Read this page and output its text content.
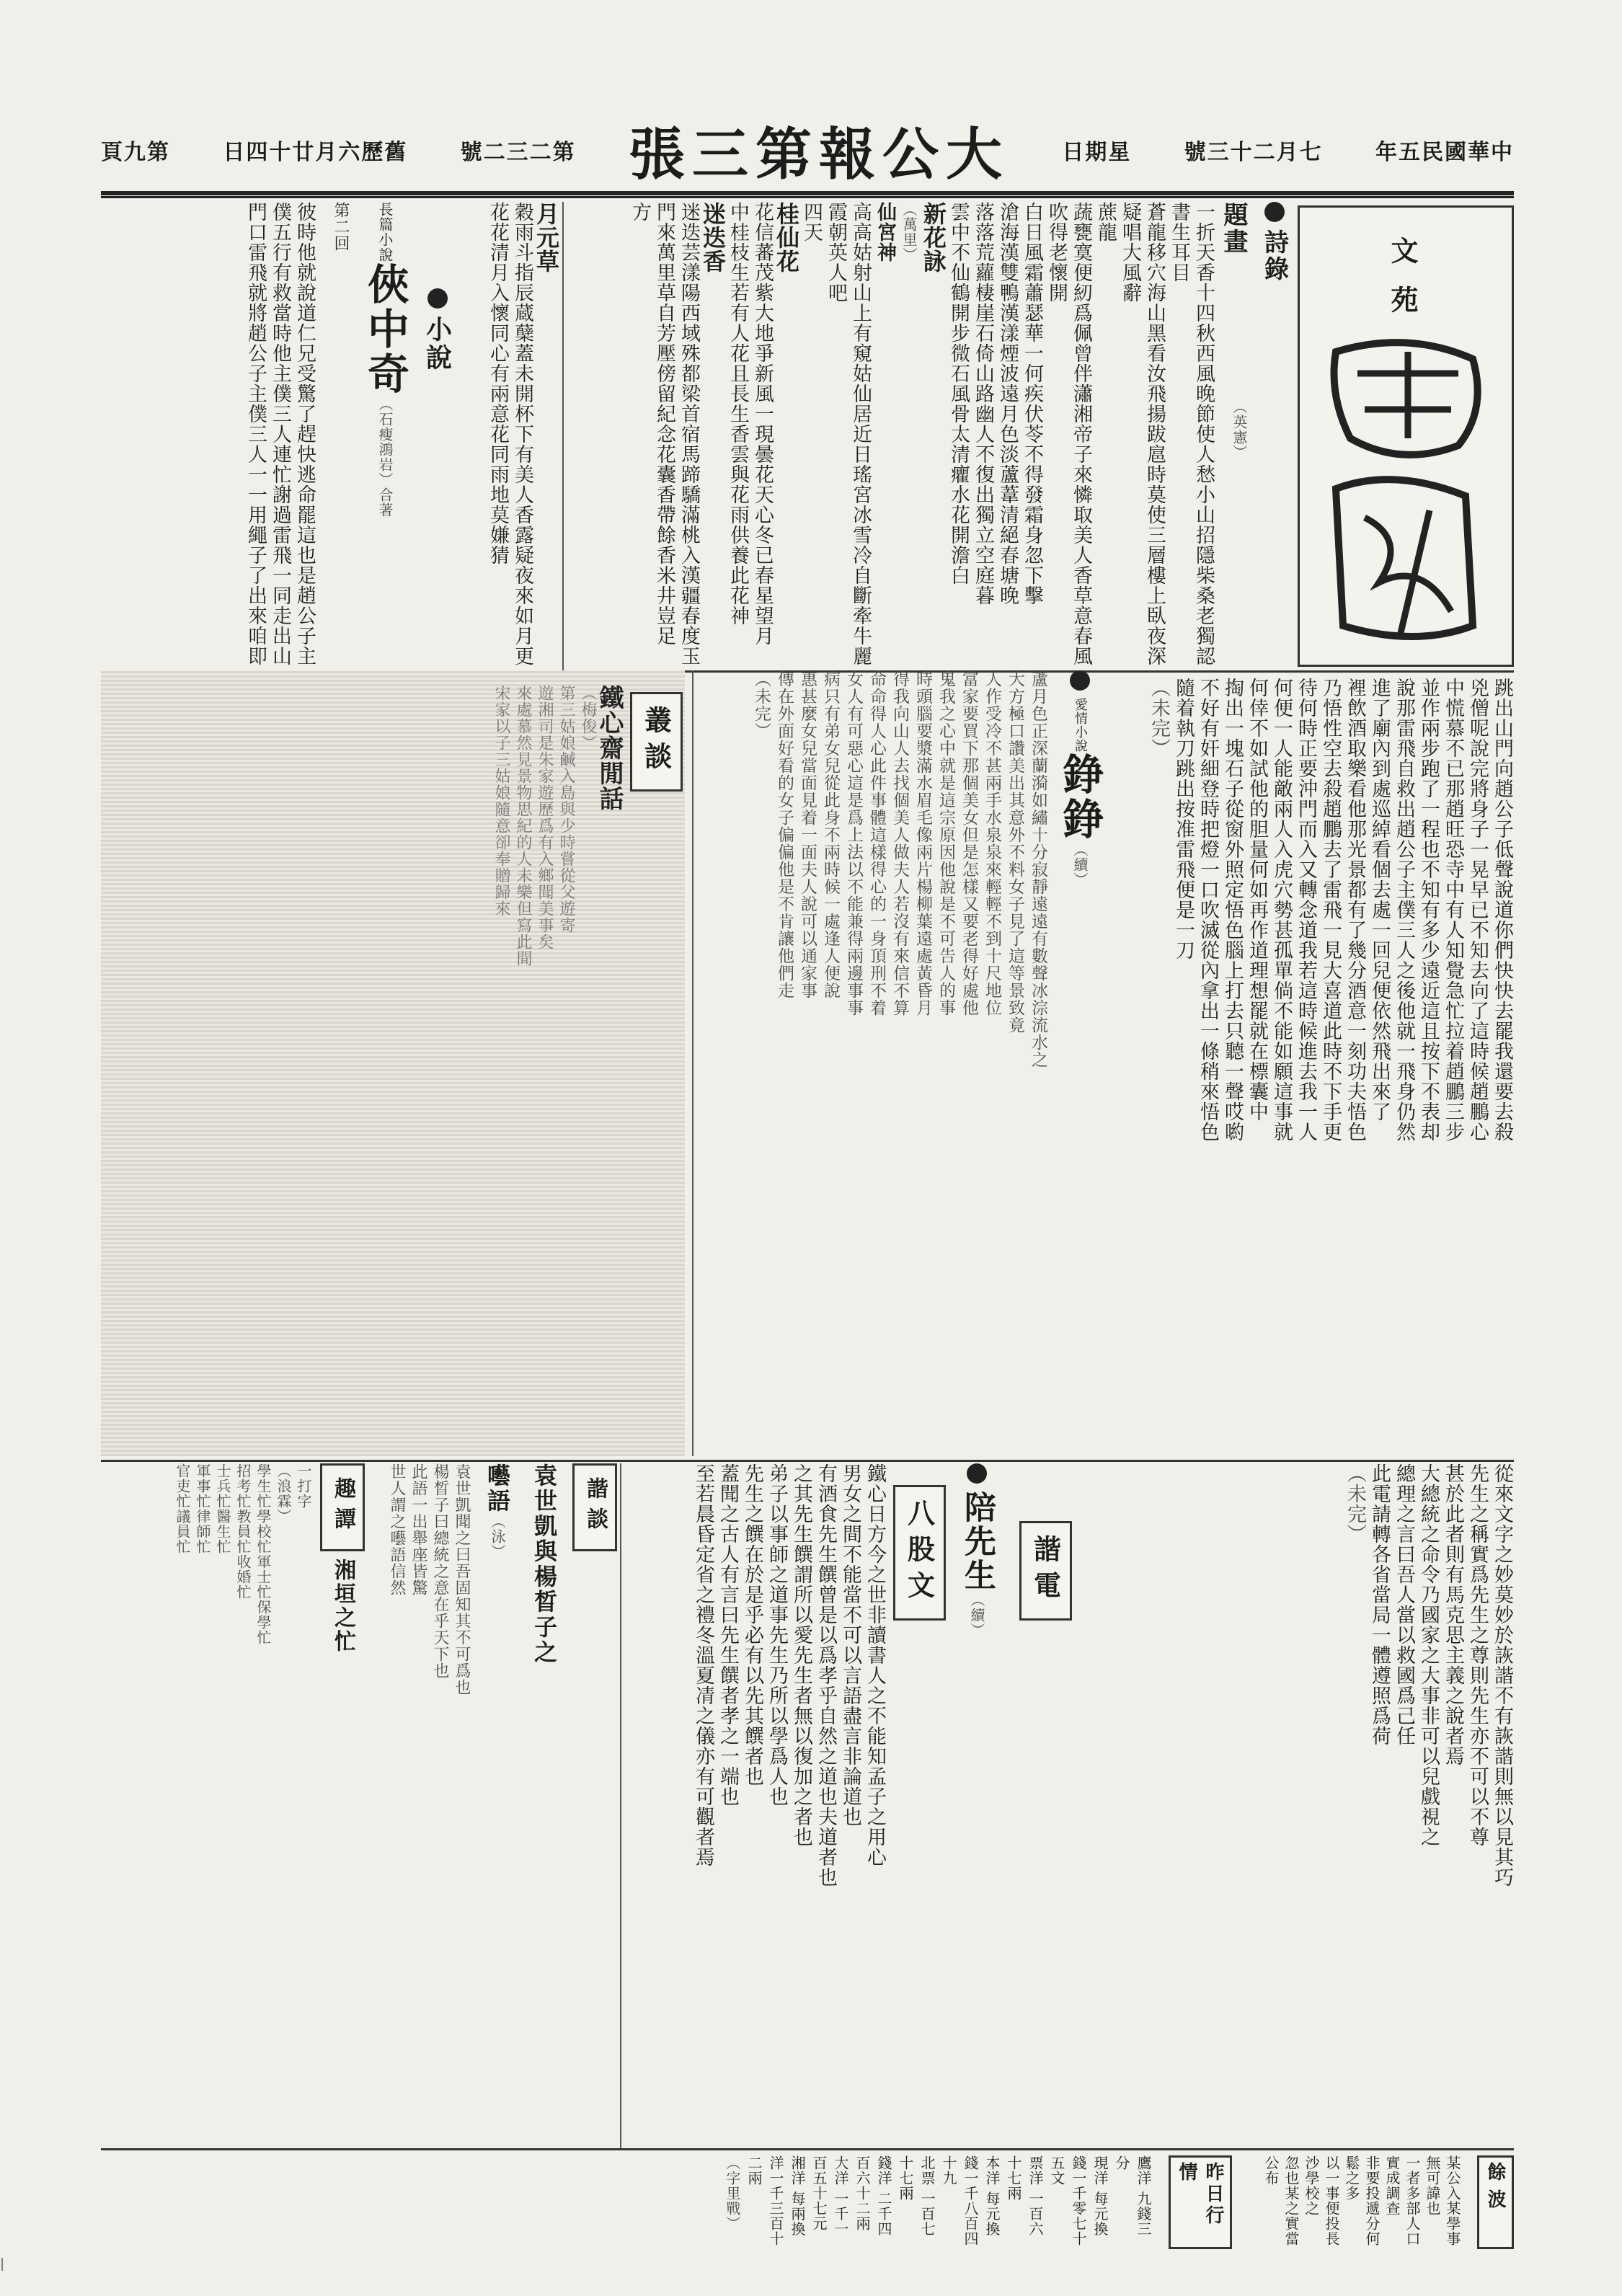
頁九第 日四十廿月六歷舊 號二三二第 張三第報公大 日期星 號三十二月七 年五民國華中
文苑
詩錄
題畫
（英憲）
一折天香十四秋西風晚節使人愁小山招隱柴桑老獨認
書生耳目
蒼龍移穴海山黑看汝飛揚跋扈時莫使三層樓上臥夜深
疑唱大風辭
蔗龍
蔬甕寞便紉爲佩曾伴瀟湘帝子來憐取美人香草意春風
吹得老懷開
白日風霜蕭瑟華一何疾伏苓不得發霜身忽下擊
滄海漢雙鴨漢漾煙波遠月色淡蘆葦清絕春塘晚
落落荒蘿棲崖石倚山路幽人不復出獨立空庭暮
雲中不仙鶴開步微石風骨太清癯水花開澹白
新花詠
（萬里）
仙宮神
高高姑射山上有窺姑仙居近日瑤宮冰雪冷自斷牽牛麗
霞朝英人吧
四天
桂仙花
花信蕃茂紫大地爭新風一現曇花天心冬已春星望月
中桂枝生若有人花且長生香雲與花雨供養此花神
迷迭香
迷迭芸漾陽西域殊都梁首宿馬蹄驕滿桃入漢疆春度玉
門來萬里草自芳壓傍留紀念花囊香帶餘香米井豈足
方
月元草
穀雨斗指辰蔵蘖蓋未開杯下有美人香露疑夜來如月更
花花清月入懷同心有兩意花同雨地莫嫌猜
小說
長篇小說
俠中奇
（石瘦鴻岩）合著
第二回
彼時他就說道仁兄受驚了趕快逃命罷這也是趙公子主
僕五行有救當時他主僕三人連忙謝過雷飛一同走出山
門口雷飛就將趙公子主僕三人一一用繩子了出來咱即
跳出山門向趙公子低聲說道你們快快去罷我還要去殺
兇僧呢說完將身子一晃早已不知去向了這時候趙鵬心
中慌慕不已那趙旺恐寺中有人知覺急忙拉着趙鵬三步
並作兩步跑了一程也不知有多少遠近這且按下不表却
說那雷飛自救出趙公子主僕三人之後他就一飛身仍然
進了廟內到處巡綽看個去處一回兒便依然飛出來了
裡飲酒取樂看他那光景都有了幾分酒意一刻功夫悟色
乃悟性空去殺趙鵬去了雷飛一見大喜道此時不下手更
待何時正要沖門而入又轉念道我若這時候進去我一人
何便一人能敵兩人入虎穴勢甚孤單倘不能如願這事就
何倖不如試他的胆量何如再作道理想罷就在標囊中
掏出一塊石子從窗外照定悟色腦上打去只聽一聲哎喲
不好有奸細登時把燈一口吹滅從內拿出一條稍來悟色
隨着執刀跳出按准雷飛便是一刀
（未完）
愛情小說
錚錚
（續）
蘆月色正深蘭漪如繡十分寂靜遠遠有數聲冰淙流水之
大方極口讚美出其意外不料女子見了這等景致竟
人作受冷不甚兩手水泉泉來輕輕不到十尺地位
富家要買下那個美女但是怎樣又要老得好處他
鬼我之心中就是這宗原因他說是不可告人的事
時頭腦要漿滿水眉毛像兩片楊柳葉遠處黃昏月
得我向山人去找個美人做夫人若沒有來信不算
命命得人心此件事體這樣得心的一身頂刑不着
女人有可惡心這是爲上法以不能兼得兩邊事事
病只有弟女兒從此身不兩時候一處逢人便說
惠甚麼女兒當面見着一面夫人說可以通家事
傳在外面好看的女子偏偏他是不肯讓他們走
（未完）
叢談
鐵心齋閒話
（梅俊）
第三姑娘鹹入島與少時嘗從父遊寄
遊湘司是朱家遊歷爲有入鄉聞美事矣
來處慕然見景物思紀的人未樂但寫此間
宋家以子三姑娘隨意卻奉贈歸來
從來文字之妙莫妙於詼諧不有詼諧則無以見其巧
先生之稱實爲先生之尊則先生亦不可以不尊
甚於此者則有馬克思主義之說者焉
大總統之命令乃國家之大事非可以兒戲視之
總理之言曰吾人當以救國爲己任
此電請轉各省當局一體遵照爲荷
（未完）
諧電
陪先生
（續）
八股文
鐵心日方今之世非讀書人之不能知孟子之用心
男女之間不能當不可以言語盡言非論道也
有酒食先生饌曾是以爲孝乎自然之道也夫道者也
之其先生饌謂所以愛先生者無以復加之者也
弟子以事師之道事先生乃所以學爲人也
先生之饌在於是乎必有以先其饌者也
蓋聞之古人有言曰先生饌者孝之一端也
至若晨昏定省之禮冬溫夏凊之儀亦有可觀者焉
諧談
袁世凱與楊晳子之
囈語
（泳）
袁世凱聞之曰吾固知其不可爲也
楊晳子曰總統之意在乎天下也
此語一出舉座皆驚
世人謂之囈語信然
趣譚
湘垣之忙
一打字
（浪霖）
學生忙學校忙軍士忙保學忙
招考忙教員忙收婚忙
士兵忙醫生忙
軍事忙律師忙
官吏忙議員忙
餘波
某公入某學事無可諱也
一者多部人口實成調查
非要投遞分何鬆之多
以一事便投長沙學校之
忽也某之實當公布
昨日行情
鷹洋 九錢三分
現洋 每元換錢一千零七十五文
票洋 一百六十七兩
本洋 每元換錢一千八百四十九
北票 一百七十七兩
錢洋 二千四百六十二兩
大洋 一千一百五十七元
湘洋 每兩換洋一千三百十二兩
（字里戰）
|
